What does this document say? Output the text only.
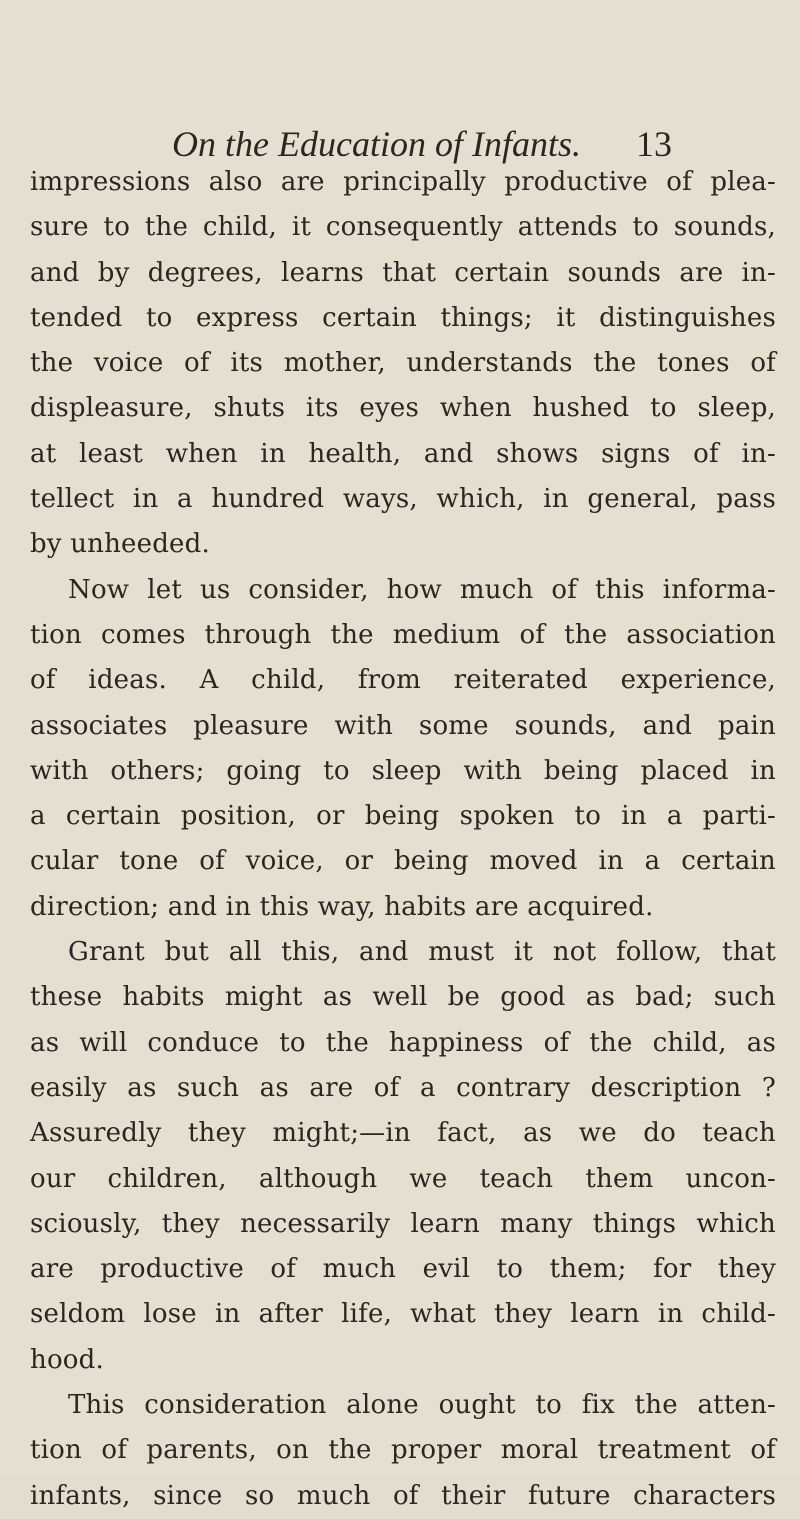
On the Education of Infants. 13
impressions also are principally productive of plea-
sure to the child, it consequently attends to sounds,
and by degrees, learns that certain sounds are in-
tended to express certain things; it distinguishes
the voice of its mother, understands the tones of
displeasure, shuts its eyes when hushed to sleep,
at least when in health, and shows signs of in-
tellect in a hundred ways, which, in general, pass
by unheeded.
Now let us consider, how much of this informa-
tion comes through the medium of the association
of ideas. A child, from reiterated experience,
associates pleasure with some sounds, and pain
with others; going to sleep with being placed in
a certain position, or being spoken to in a parti-
cular tone of voice, or being moved in a certain
direction; and in this way, habits are acquired.
Grant but all this, and must it not follow, that
these habits might as well be good as bad; such
as will conduce to the happiness of the child, as
easily as such as are of a contrary description ?
Assuredly they might;—in fact, as we do teach
our children, although we teach them uncon-
sciously, they necessarily learn many things which
are productive of much evil to them; for they
seldom lose in after life, what they learn in child-
hood.
This consideration alone ought to fix the atten-
tion of parents, on the proper moral treatment of
infants, since so much of their future characters
